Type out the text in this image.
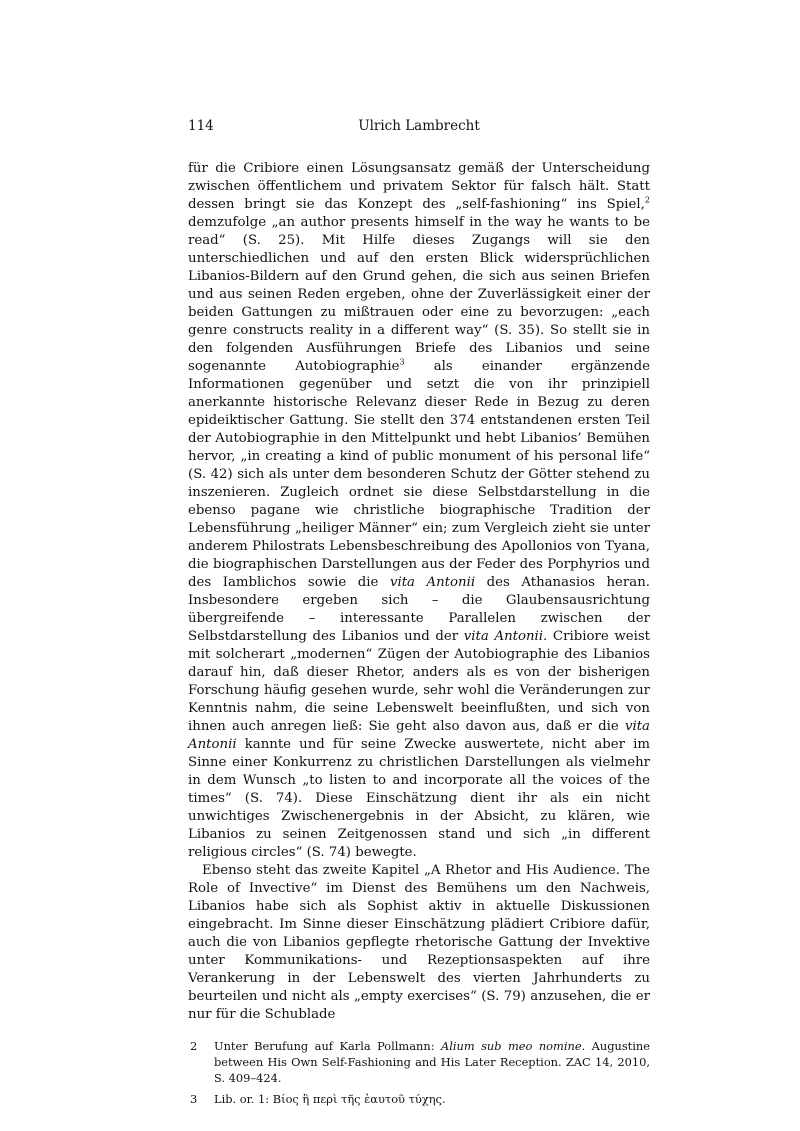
114	Ulrich Lambrecht

für die Cribiore einen Lösungsansatz gemäß der Unterscheidung zwischen öffentlichem und privatem Sektor für falsch hält. Statt dessen bringt sie das Konzept des „self-fashioning“ ins Spiel,$^2$ demzufolge „an author presents himself in the way he wants to be read“ (S. 25). Mit Hilfe dieses Zugangs will sie den unterschiedlichen und auf den ersten Blick widersprüchlichen Libanios-Bildern auf den Grund gehen, die sich aus seinen Briefen und aus seinen Reden ergeben, ohne der Zuverlässigkeit einer der beiden Gattungen zu mißtrauen oder eine zu bevorzugen: „each genre constructs reality in a different way“ (S. 35). So stellt sie in den folgenden Ausführungen Briefe des Libanios und seine sogenannte Autobiographie$^3$ als einander ergänzende Informationen gegenüber und setzt die von ihr prinzipiell anerkannte historische Relevanz dieser Rede in Bezug zu deren epideiktischer Gattung. Sie stellt den 374 entstandenen ersten Teil der Autobiographie in den Mittelpunkt und hebt Libanios’ Bemühen hervor, „in creating a kind of public monument of his personal life“ (S. 42) sich als unter dem besonderen Schutz der Götter stehend zu inszenieren. Zugleich ordnet sie diese Selbstdarstellung in die ebenso pagane wie christliche biographische Tradition der Lebensführung „heiliger Männer“ ein; zum Vergleich zieht sie unter anderem Philostrats Lebensbeschreibung des Apollonios von Tyana, die biographischen Darstellungen aus der Feder des Porphyrios und des Iamblichos sowie die vita Antonii des Athanasios heran. Insbesondere ergeben sich – die Glaubensausrichtung übergreifende – interessante Parallelen zwischen der Selbstdarstellung des Libanios und der vita Antonii. Cribiore weist mit solcherart „modernen“ Zügen der Autobiographie des Libanios darauf hin, daß dieser Rhetor, anders als es von der bisherigen Forschung häufig gesehen wurde, sehr wohl die Veränderungen zur Kenntnis nahm, die seine Lebenswelt beeinflußten, und sich von ihnen auch anregen ließ: Sie geht also davon aus, daß er die vita Antonii kannte und für seine Zwecke auswertete, nicht aber im Sinne einer Konkurrenz zu christlichen Darstellungen als vielmehr in dem Wunsch „to listen to and incorporate all the voices of the times“ (S. 74). Diese Einschätzung dient ihr als ein nicht unwichtiges Zwischenergebnis in der Absicht, zu klären, wie Libanios zu seinen Zeitgenossen stand und sich „in different religious circles“ (S. 74) bewegte.

Ebenso steht das zweite Kapitel „A Rhetor and His Audience. The Role of Invective“ im Dienst des Bemühens um den Nachweis, Libanios habe sich als Sophist aktiv in aktuelle Diskussionen eingebracht. Im Sinne dieser Einschätzung plädiert Cribiore dafür, auch die von Libanios gepflegte rhetorische Gattung der Invektive unter Kommunikations- und Rezeptionsaspekten auf ihre Verankerung in der Lebenswelt des vierten Jahrhunderts zu beurteilen und nicht als „empty exercises“ (S. 79) anzusehen, die er nur für die Schublade

2 Unter Berufung auf Karla Pollmann: Alium sub meo nomine. Augustine between His Own Self-Fashioning and His Later Reception. ZAC 14, 2010, S. 409–424.
3 Lib. or. 1: Βίος ἢ περὶ τῆς ἑαυτοῦ τύχης.
